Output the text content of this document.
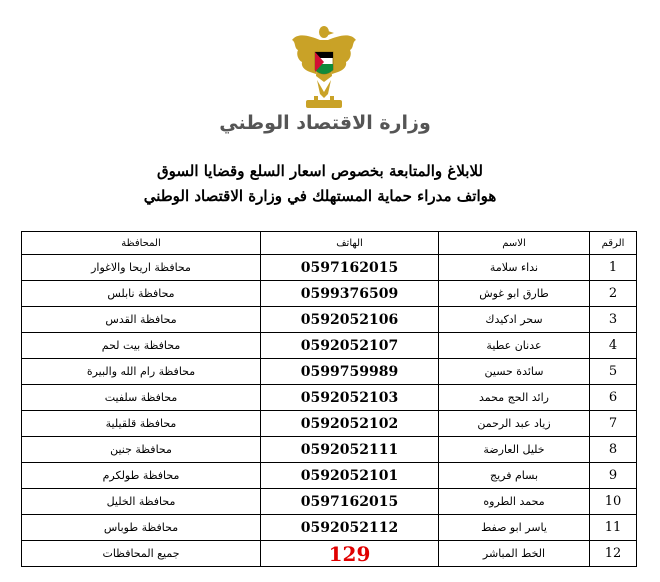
وزارة الاقتصاد الوطني
للابلاغ والمتابعة بخصوص اسعار السلع وقضايا السوق
هواتف مدراء حماية المستهلك في وزارة الاقتصاد الوطني
الرقم	الاسم	الهاتف	المحافظة
1	نداء سلامة	0597162015	محافظة اريحا والاغوار
2	طارق ابو غوش	0599376509	محافظة نابلس
3	سحر ادكيدك	0592052106	محافظة القدس
4	عدنان عطية	0592052107	محافظة بيت لحم
5	سائدة حسين	0599759989	محافظة رام الله والبيرة
6	رائد الحج محمد	0592052103	محافظة سلفيت
7	زياد عبد الرحمن	0592052102	محافظة قلقيلية
8	خليل العارضة	0592052111	محافظة جنين
9	بسام فريج	0592052101	محافظة طولكرم
10	محمد الطروه	0597162015	محافظة الخليل
11	ياسر ابو صفط	0592052112	محافظة طوباس
12	الخط المباشر	129	جميع المحافظات
